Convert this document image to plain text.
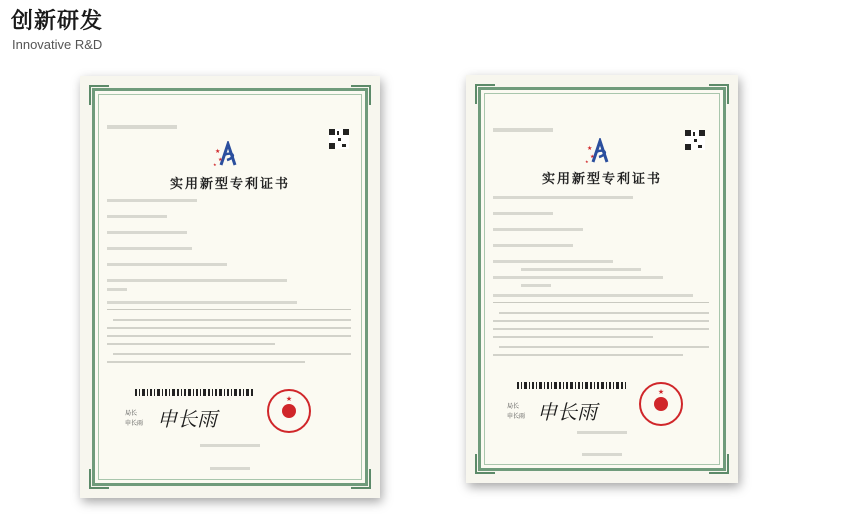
创新研发
Innovative R&D

★
★
★
实用新型专利证书
局长
申长雨 申长雨
★
★
★
★
实用新型专利证书
局长
申长雨 申长雨
★
